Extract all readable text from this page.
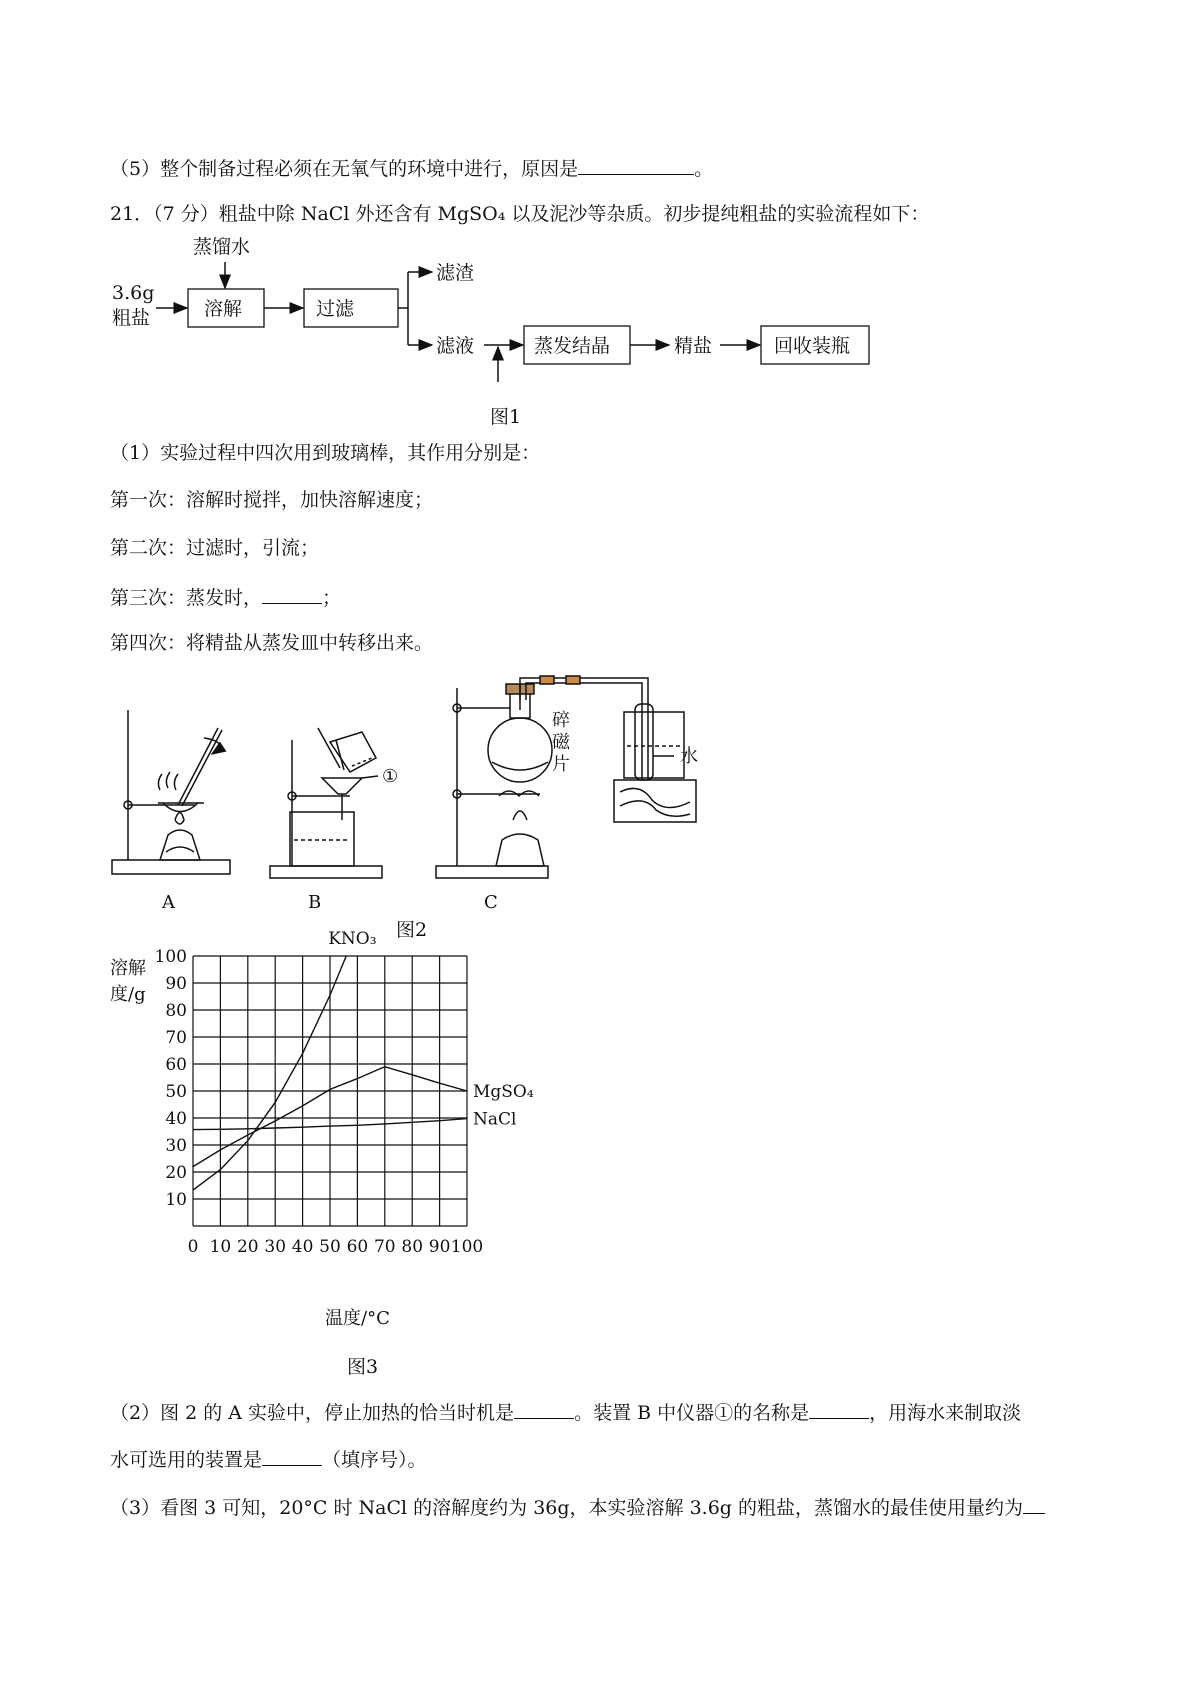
（5）整个制备过程必须在无氧气的环境中进行，原因是	。
21．（7 分）粗盐中除 NaCl 外还含有 MgSO₄ 以及泥沙等杂质。初步提纯粗盐的实验流程如下：
3.6g
粗盐
蒸馏水
溶解	过滤
滤渣
滤液	蒸发结晶	精盐	回收装瓶
图1
（1）实验过程中四次用到玻璃棒，其作用分别是：
第一次：溶解时搅拌，加快溶解速度；
第二次：过滤时，引流；
第三次：蒸发时，	；
第四次：将精盐从蒸发皿中转移出来。
A	B	C
①
碎
磁
片	水
图2
溶解
度/g
温度/°C
0 10 20 30 40 50 60 70 80 90 100
10
20
30
40
50
60
70
80
90
100
KNO₃
MgSO₄
NaCl
图3
（2）图 2 的 A 实验中，停止加热的恰当时机是	。装置 B 中仪器①的名称是	，用海水来制取淡
水可选用的装置是	（填序号）。
（3）看图 3 可知，20°C 时 NaCl 的溶解度约为 36g，本实验溶解 3.6g 的粗盐，蒸馏水的最佳使用量约为
